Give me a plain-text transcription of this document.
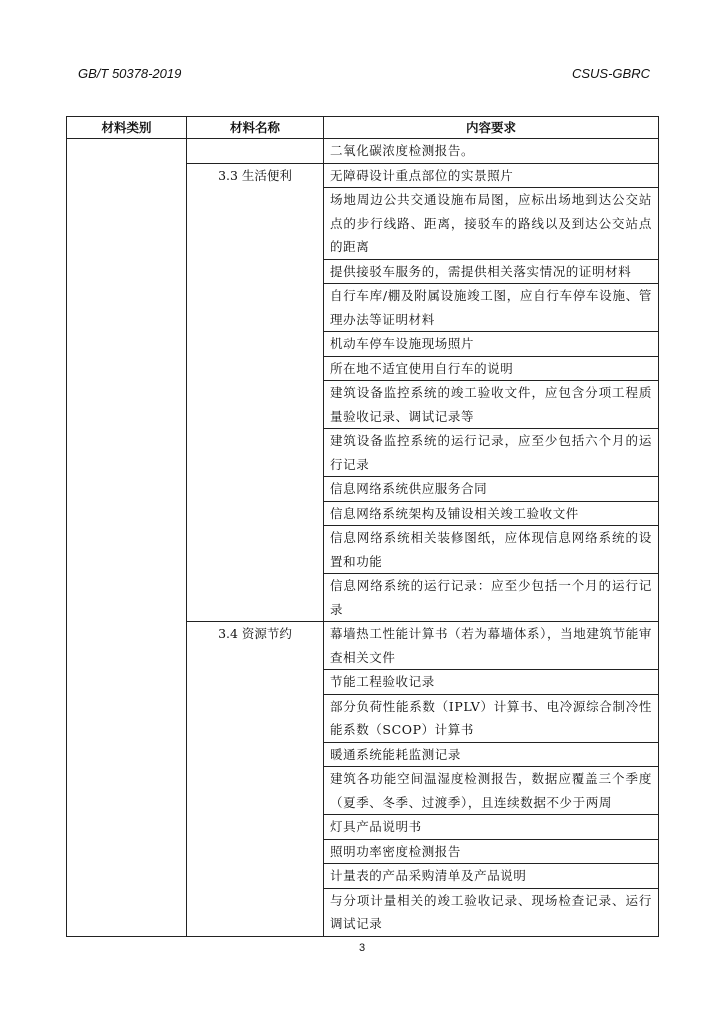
GB/T 50378-2019	CSUS-GBRC
材料类别	材料名称	内容要求
		二氧化碳浓度检测报告。
	3.3 生活便利	无障碍设计重点部位的实景照片
		场地周边公共交通设施布局图，应标出场地到达公交站点的步行线路、距离，接驳车的路线以及到达公交站点的距离
		提供接驳车服务的，需提供相关落实情况的证明材料
		自行车库/棚及附属设施竣工图，应自行车停车设施、管理办法等证明材料
		机动车停车设施现场照片
		所在地不适宜使用自行车的说明
		建筑设备监控系统的竣工验收文件，应包含分项工程质量验收记录、调试记录等
		建筑设备监控系统的运行记录，应至少包括六个月的运行记录
		信息网络系统供应服务合同
		信息网络系统架构及铺设相关竣工验收文件
		信息网络系统相关装修图纸，应体现信息网络系统的设置和功能
		信息网络系统的运行记录：应至少包括一个月的运行记录
	3.4 资源节约	幕墙热工性能计算书（若为幕墙体系），当地建筑节能审查相关文件
		节能工程验收记录
		部分负荷性能系数（IPLV）计算书、电冷源综合制冷性能系数（SCOP）计算书
		暖通系统能耗监测记录
		建筑各功能空间温湿度检测报告，数据应覆盖三个季度（夏季、冬季、过渡季），且连续数据不少于两周
		灯具产品说明书
		照明功率密度检测报告
		计量表的产品采购清单及产品说明
		与分项计量相关的竣工验收记录、现场检查记录、运行调试记录
3
